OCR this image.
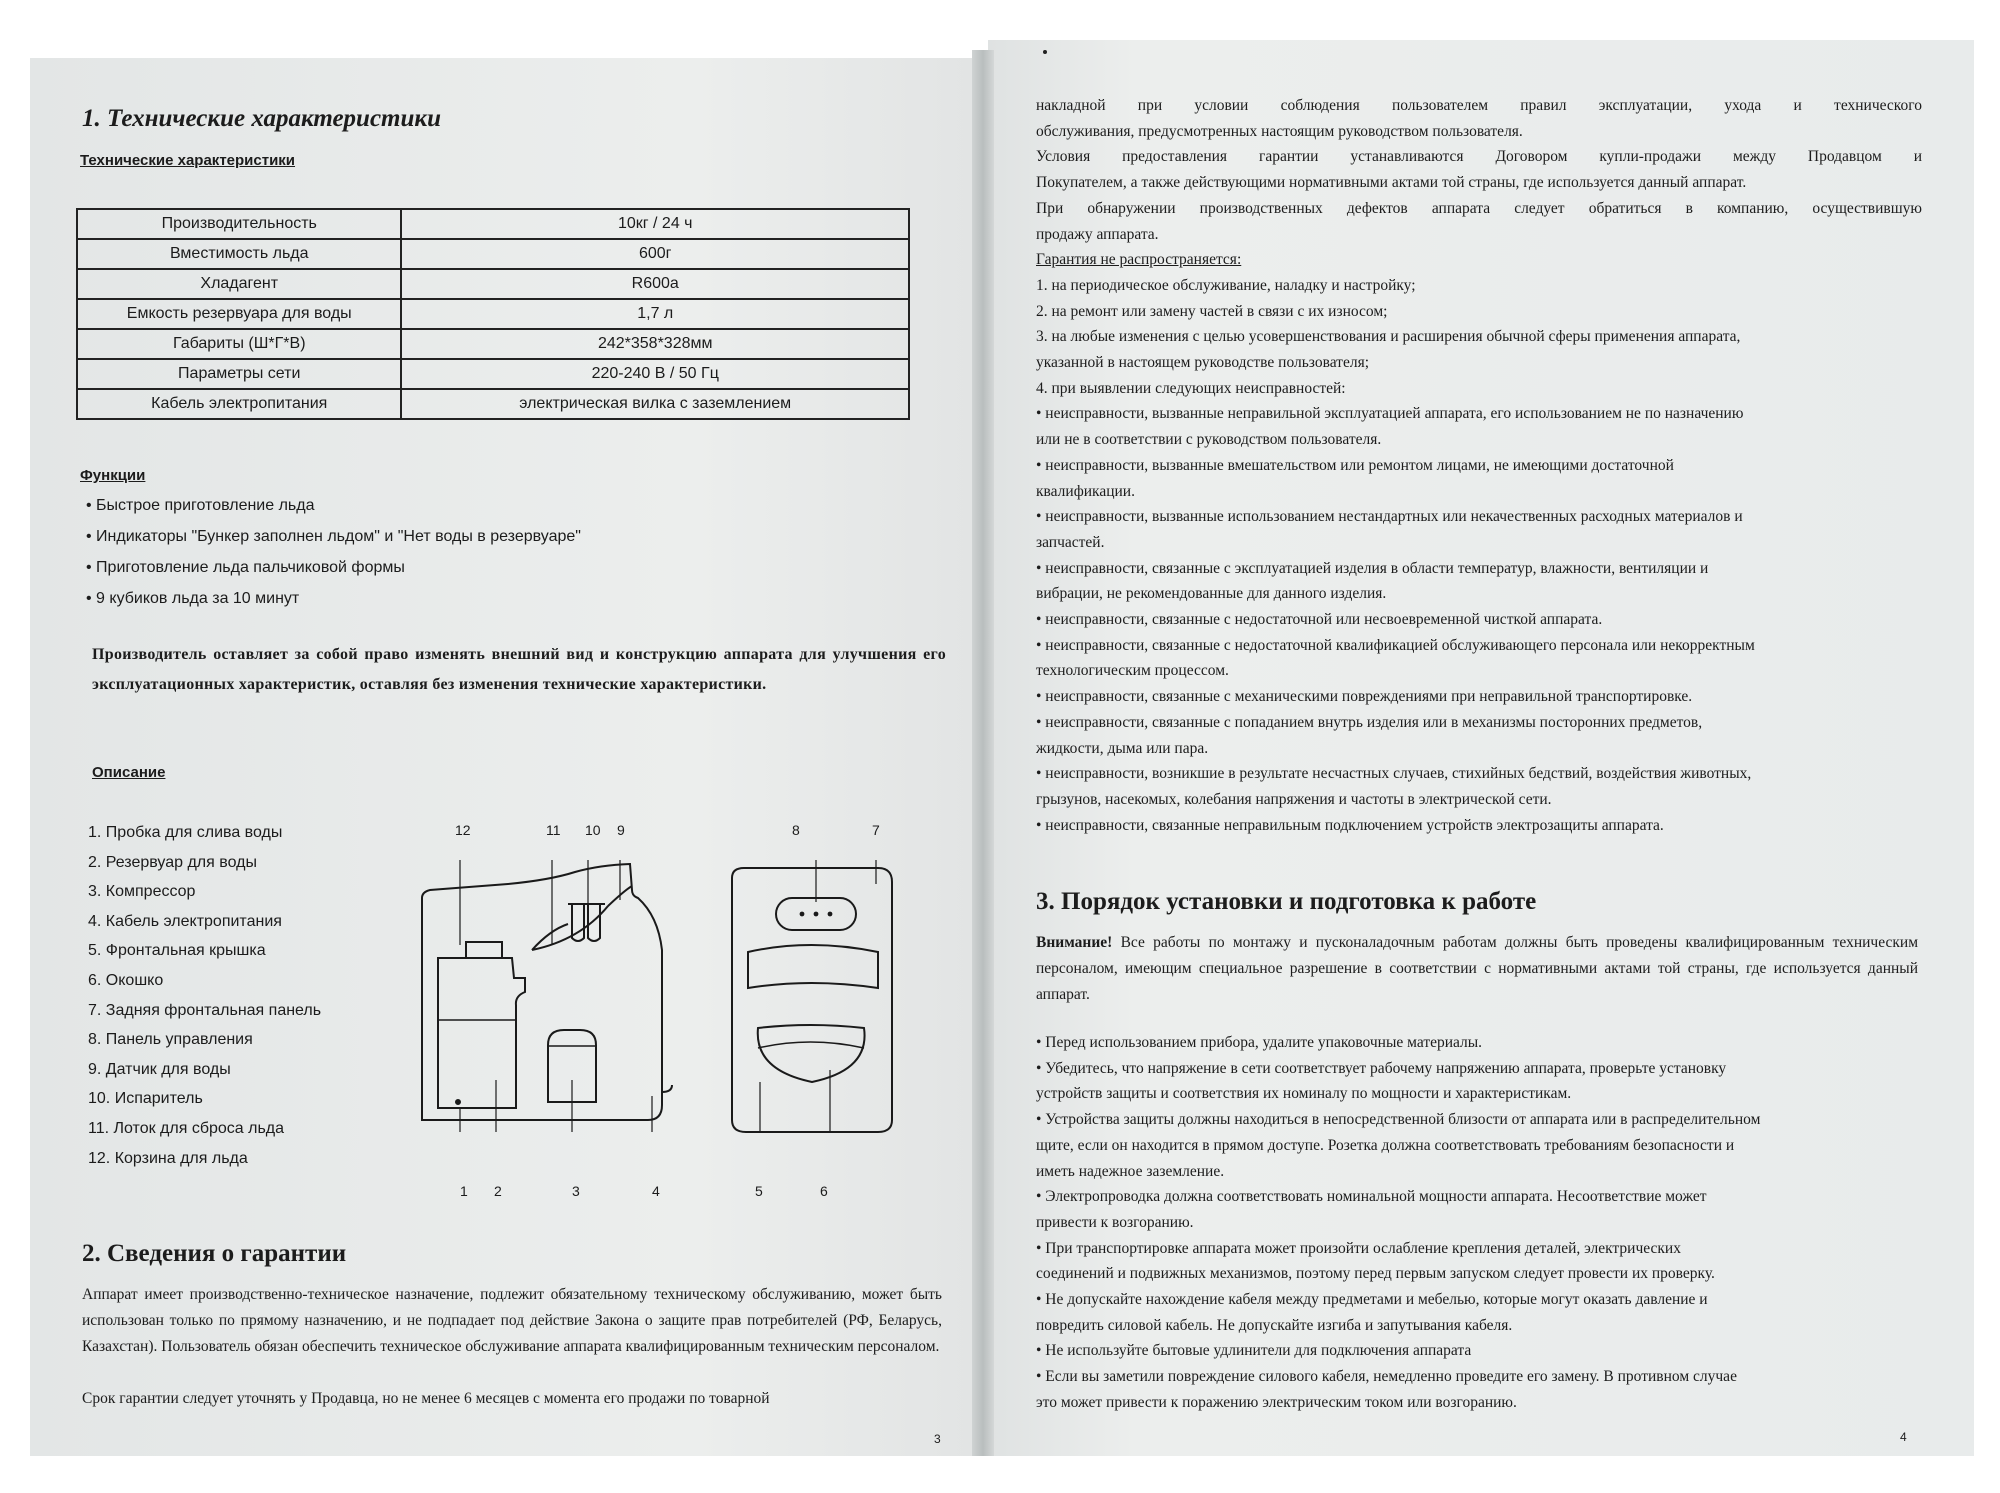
1. Технические характеристики
Технические характеристики
Производительность	10кг / 24 ч
Вместимость льда	600г
Хладагент	R600a
Емкость резервуара для воды	1,7 л
Габариты (Ш*Г*В)	242*358*328мм
Параметры сети	220-240 В / 50 Гц
Кабель электропитания	электрическая вилка с заземлением
Функции
• Быстрое приготовление льда
• Индикаторы "Бункер заполнен льдом" и "Нет воды в резервуаре"
• Приготовление льда пальчиковой формы
• 9 кубиков льда за 10 минут
Производитель оставляет за собой право изменять внешний вид и конструкцию аппарата для улучшения его эксплуатационных характеристик, оставляя без изменения технические характеристики.
Описание
1. Пробка для слива воды
2. Резервуар для воды
3. Компрессор
4. Кабель электропитания
5. Фронтальная крышка
6. Окошко
7. Задняя фронтальная панель
8. Панель управления
9. Датчик для воды
10. Испаритель
11. Лоток для сброса льда
12. Корзина для льда
12	11 10 9	8	7
1 2	3	4	5	6
2. Сведения о гарантии
Аппарат имеет производственно-техническое назначение, подлежит обязательному техническому обслуживанию, может быть использован только по прямому назначению, и не подпадает под действие Закона о защите прав потребителей (РФ, Беларусь, Казахстан). Пользователь обязан обеспечить техническое обслуживание аппарата квалифицированным техническим персоналом.
Срок гарантии следует уточнять у Продавца, но не менее 6 месяцев с момента его продажи по товарной
3
накладной при условии соблюдения пользователем правил эксплуатации, ухода и технического
обслуживания, предусмотренных настоящим руководством пользователя.
Условия предоставления гарантии устанавливаются Договором купли-продажи между Продавцом и
Покупателем, а также действующими нормативными актами той страны, где используется данный аппарат.
При обнаружении производственных дефектов аппарата следует обратиться в компанию, осуществившую
продажу аппарата.
Гарантия не распространяется:
1. на периодическое обслуживание, наладку и настройку;
2. на ремонт или замену частей в связи с их износом;
3. на любые изменения с целью усовершенствования и расширения обычной сферы применения аппарата,
указанной в настоящем руководстве пользователя;
4. при выявлении следующих неисправностей:
• неисправности, вызванные неправильной эксплуатацией аппарата, его использованием не по назначению
или не в соответствии с руководством пользователя.
• неисправности, вызванные вмешательством или ремонтом лицами, не имеющими достаточной
квалификации.
• неисправности, вызванные использованием нестандартных или некачественных расходных материалов и
запчастей.
• неисправности, связанные с эксплуатацией изделия в области температур, влажности, вентиляции и
вибрации, не рекомендованные для данного изделия.
• неисправности, связанные с недостаточной или несвоевременной чисткой аппарата.
• неисправности, связанные с недостаточной квалификацией обслуживающего персонала или некорректным
технологическим процессом.
• неисправности, связанные с механическими повреждениями при неправильной транспортировке.
• неисправности, связанные с попаданием внутрь изделия или в механизмы посторонних предметов,
жидкости, дыма или пара.
• неисправности, возникшие в результате несчастных случаев, стихийных бедствий, воздействия животных,
грызунов, насекомых, колебания напряжения и частоты в электрической сети.
• неисправности, связанные неправильным подключением устройств электрозащиты аппарата.
3. Порядок установки и подготовка к работе
Внимание! Все работы по монтажу и пусконаладочным работам должны быть проведены квалифицированным техническим персоналом, имеющим специальное разрешение в соответствии с нормативными актами той страны, где используется данный аппарат.
• Перед использованием прибора, удалите упаковочные материалы.
• Убедитесь, что напряжение в сети соответствует рабочему напряжению аппарата, проверьте установку
устройств защиты и соответствия их номиналу по мощности и характеристикам.
• Устройства защиты должны находиться в непосредственной близости от аппарата или в распределительном
щите, если он находится в прямом доступе. Розетка должна соответствовать требованиям безопасности и
иметь надежное заземление.
• Электропроводка должна соответствовать номинальной мощности аппарата. Несоответствие может
привести к возгоранию.
• При транспортировке аппарата может произойти ослабление крепления деталей, электрических
соединений и подвижных механизмов, поэтому перед первым запуском следует провести их проверку.
• Не допускайте нахождение кабеля между предметами и мебелью, которые могут оказать давление и
повредить силовой кабель. Не допускайте изгиба и запутывания кабеля.
• Не используйте бытовые удлинители для подключения аппарата
• Если вы заметили повреждение силового кабеля, немедленно проведите его замену. В противном случае
это может привести к поражению электрическим током или возгоранию.
4
